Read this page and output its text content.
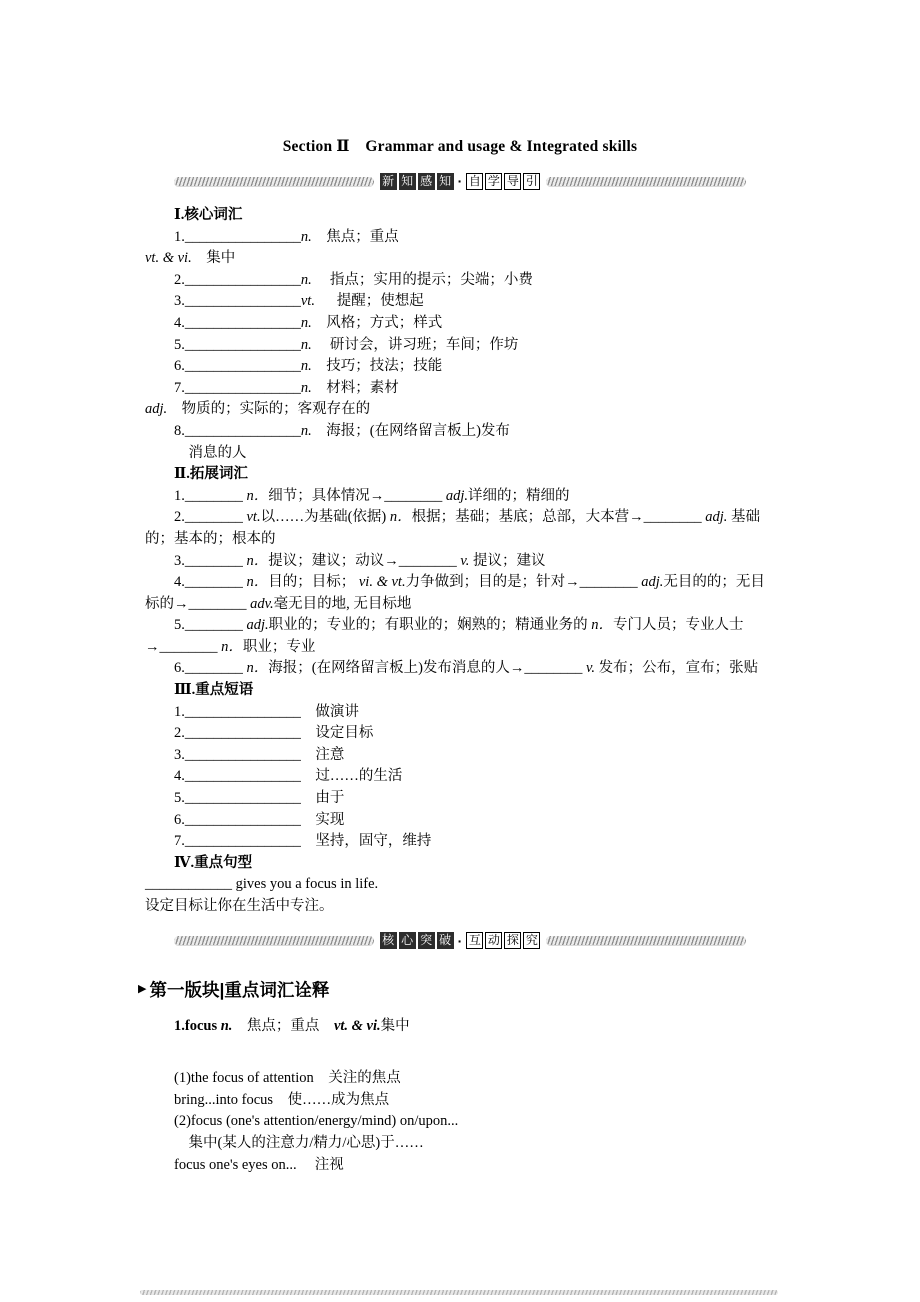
Section Ⅱ　Grammar and usage & Integrated skills
新 知 感 知 · 自 学 导 引

Ⅰ.核心词汇

1.________________n.　焦点；重点

vt. & vi.　集中

2.________________n.　 指点；实用的提示；尖端；小费

3.________________vt.　  提醒；使想起

4.________________n.　风格；方式；样式

5.________________n.　 研讨会，讲习班；车间；作坊

6.________________n.　技巧；技法；技能

7.________________n.　材料；素材

adj.　物质的；实际的；客观存在的

8.________________n.　海报；(在网络留言板上)发布

消息的人

Ⅱ.拓展词汇

1.________ n．细节；具体情况→________ adj.详细的；精细的

2.________ vt.以……为基础(依据) n．根据；基础；基底；总部，大本营→________ adj. 基础的；基本的；根本的

3.________ n．提议；建议；动议→________ v. 提议；建议

4.________ n．目的；目标； vi. & vt.力争做到；目的是；针对→________ adj.无目的的；无目标的→________ adv.毫无目的地, 无目标地

5.________ adj.职业的；专业的；有职业的；娴熟的；精通业务的 n．专门人员；专业人士→________ n．职业；专业

6.________ n．海报；(在网络留言板上)发布消息的人→________ v. 发布；公布，宣布；张贴

Ⅲ.重点短语

1.________________　做演讲

2.________________　设定目标

3.________________　注意

4.________________　过……的生活

5.________________　由于

6.________________　实现

7.________________　坚持，固守，维持

Ⅳ.重点句型

____________ gives you a focus in life.

设定目标让你在生活中专注。

核 心 突 破 · 互 动 探 究
▶ 第一版块|重点词汇诠释

1.focus n.　焦点；重点　vt. & vi.集中

(1)the focus of attention　关注的焦点

bring...into focus　使……成为焦点

(2)focus (one's attention/energy/mind) on/upon...

集中(某人的注意力/精力/心思)于……

focus one's eyes on...　 注视
